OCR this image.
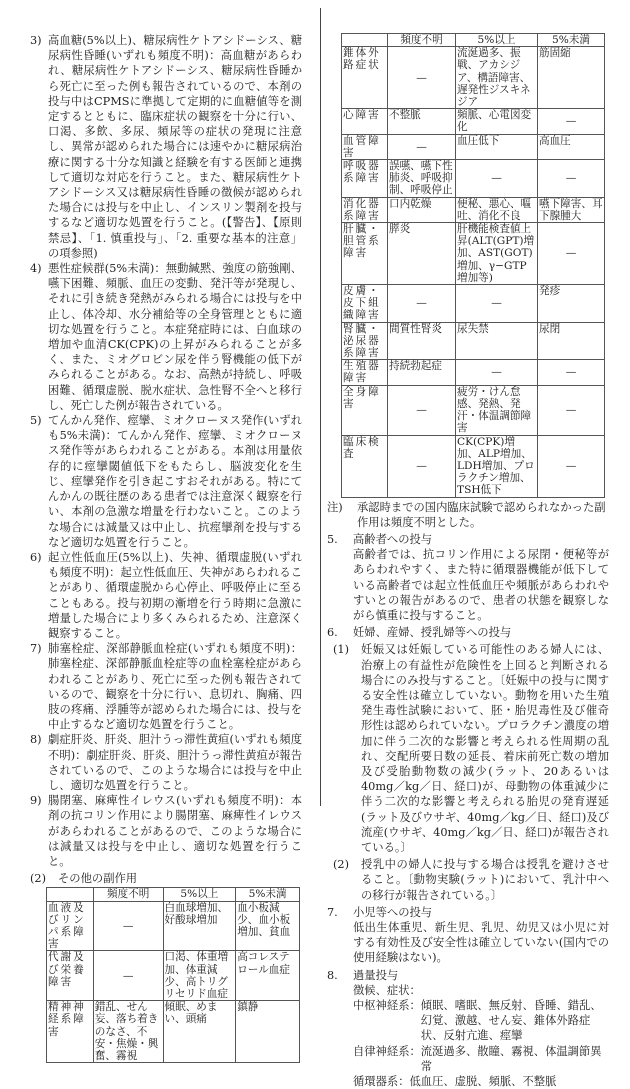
3) 高血糖(5%以上)、糖尿病性ケトアシドーシス、糖尿病性昏睡(いずれも頻度不明)：高血糖があらわれ、糖尿病性ケトアシドーシス、糖尿病性昏睡から死亡に至った例も報告されているので、本剤の投与中はCPMSに準拠して定期的に血糖値等を測定するとともに、臨床症状の観察を十分に行い、口渇、多飲、多尿、頻尿等の症状の発現に注意し、異常が認められた場合には速やかに糖尿病治療に関する十分な知識と経験を有する医師と連携して適切な対応を行うこと。また、糖尿病性ケトアシドーシス又は糖尿病性昏睡の徴候が認められた場合には投与を中止し、インスリン製剤を投与するなど適切な処置を行うこと。(【警告】、【原則禁忌】、「1. 慎重投与」、「2. 重要な基本的注意」の項参照)
4) 悪性症候群(5%未満)：無動緘黙、強度の筋強剛、嚥下困難、頻脈、血圧の変動、発汗等が発現し、それに引き続き発熱がみられる場合には投与を中止し、体冷却、水分補給等の全身管理とともに適切な処置を行うこと。本症発症時には、白血球の増加や血清CK(CPK)の上昇がみられることが多く、また、ミオグロビン尿を伴う腎機能の低下がみられることがある。なお、高熱が持続し、呼吸困難、循環虚脱、脱水症状、急性腎不全へと移行し、死亡した例が報告されている。
5) てんかん発作、痙攣、ミオクローヌス発作(いずれも5%未満)：てんかん発作、痙攣、ミオクローヌス発作等があらわれることがある。本剤は用量依存的に痙攣閾値低下をもたらし、脳波変化を生じ、痙攣発作を引き起こすおそれがある。特にてんかんの既往歴のある患者では注意深く観察を行い、本剤の急激な増量を行わないこと。このような場合には減量又は中止し、抗痙攣剤を投与するなど適切な処置を行うこと。
6) 起立性低血圧(5%以上)、失神、循環虚脱(いずれも頻度不明)：起立性低血圧、失神があらわれることがあり、循環虚脱から心停止、呼吸停止に至ることもある。投与初期の漸増を行う時期に急激に増量した場合により多くみられるため、注意深く観察すること。
7) 肺塞栓症、深部静脈血栓症(いずれも頻度不明)：肺塞栓症、深部静脈血栓症等の血栓塞栓症があらわれることがあり、死亡に至った例も報告されているので、観察を十分に行い、息切れ、胸痛、四肢の疼痛、浮腫等が認められた場合には、投与を中止するなど適切な処置を行うこと。
8) 劇症肝炎、肝炎、胆汁うっ滞性黄疸(いずれも頻度不明)：劇症肝炎、肝炎、胆汁うっ滞性黄疸が報告されているので、このような場合には投与を中止し、適切な処置を行うこと。
9) 腸閉塞、麻痺性イレウス(いずれも頻度不明)：本剤の抗コリン作用により腸閉塞、麻痺性イレウスがあらわれることがあるので、このような場合には減量又は投与を中止し、適切な処置を行うこと。
(2)	その他の副作用
	頻度不明	5%以上	5%未満
血液及びリンパ系障害	—	白血球増加、好酸球増加	血小板減少、血小板増加、貧血
代謝及び栄養障害	—	口渇、体重増加、体重減少、高トリグリセリド血症	高コレステロール血症
精神神経系障害	錯乱、せん妄、落ち着きのなさ、不安・焦燥・興奮、霧視	傾眠、めまい、頭痛	鎮静
	頻度不明	5%以上	5%未満
錐体外路症状	—	流涎過多、振戦、アカシジア、構語障害、遅発性ジスキネジア	筋固縮
心障害	不整脈	頻脈、心電図変化	—
血管障害	—	血圧低下	高血圧
呼吸器系障害	誤嚥、嚥下性肺炎、呼吸抑制、呼吸停止	—	—
消化器系障害	口内乾燥	便秘、悪心、嘔吐、消化不良	嚥下障害、耳下腺腫大
肝臓・胆管系障害	膵炎	肝機能検査値上昇(ALT(GPT)増加、AST(GOT)増加、γ−GTP増加等)	—
皮膚・皮下組織障害	—	—	発疹
腎臓・泌尿器系障害	間質性腎炎	尿失禁	尿閉
生殖器障害	持続勃起症	—	—
全身障害	—	疲労・けん怠感、発熱、発汗・体温調節障害	—
臨床検査	—	CK(CPK)増加、ALP増加、LDH増加、プロラクチン増加、TSH低下	—
注)	承認時までの国内臨床試験で認められなかった副作用は頻度不明とした。
5.	高齢者への投与
高齢者では、抗コリン作用による尿閉・便秘等があらわれやすく、また特に循環器機能が低下している高齢者では起立性低血圧や頻脈があらわれやすいとの報告があるので、患者の状態を観察しながら慎重に投与すること。
6.	妊婦、産婦、授乳婦等への投与
(1)	妊娠又は妊娠している可能性のある婦人には、治療上の有益性が危険性を上回ると判断される場合にのみ投与すること。〔妊娠中の投与に関する安全性は確立していない。動物を用いた生殖発生毒性試験において、胚・胎児毒性及び催奇形性は認められていない。プロラクチン濃度の増加に伴う二次的な影響と考えられる性周期の乱れ、交配所要日数の延長、着床前死亡数の増加及び受胎動物数の減少(ラット、20あるいは40mg／kg／日、経口)が、母動物の体重減少に伴う二次的な影響と考えられる胎児の発育遅延(ラット及びウサギ、40mg／kg／日、経口)及び流産(ウサギ、40mg／kg／日、経口)が報告されている。〕
(2)	授乳中の婦人に投与する場合は授乳を避けさせること。〔動物実験(ラット)において、乳汁中への移行が報告されている。〕
7.	小児等への投与
低出生体重児、新生児、乳児、幼児又は小児に対する有効性及び安全性は確立していない(国内での使用経験はない)。
8.	過量投与
徴候、症状：
中枢神経系： 傾眠、嗜眠、無反射、昏睡、錯乱、幻覚、激越、せん妄、錐体外路症状、反射亢進、痙攣
自律神経系： 流涎過多、散瞳、霧視、体温調節異常
循環器系： 低血圧、虚脱、頻脈、不整脈
